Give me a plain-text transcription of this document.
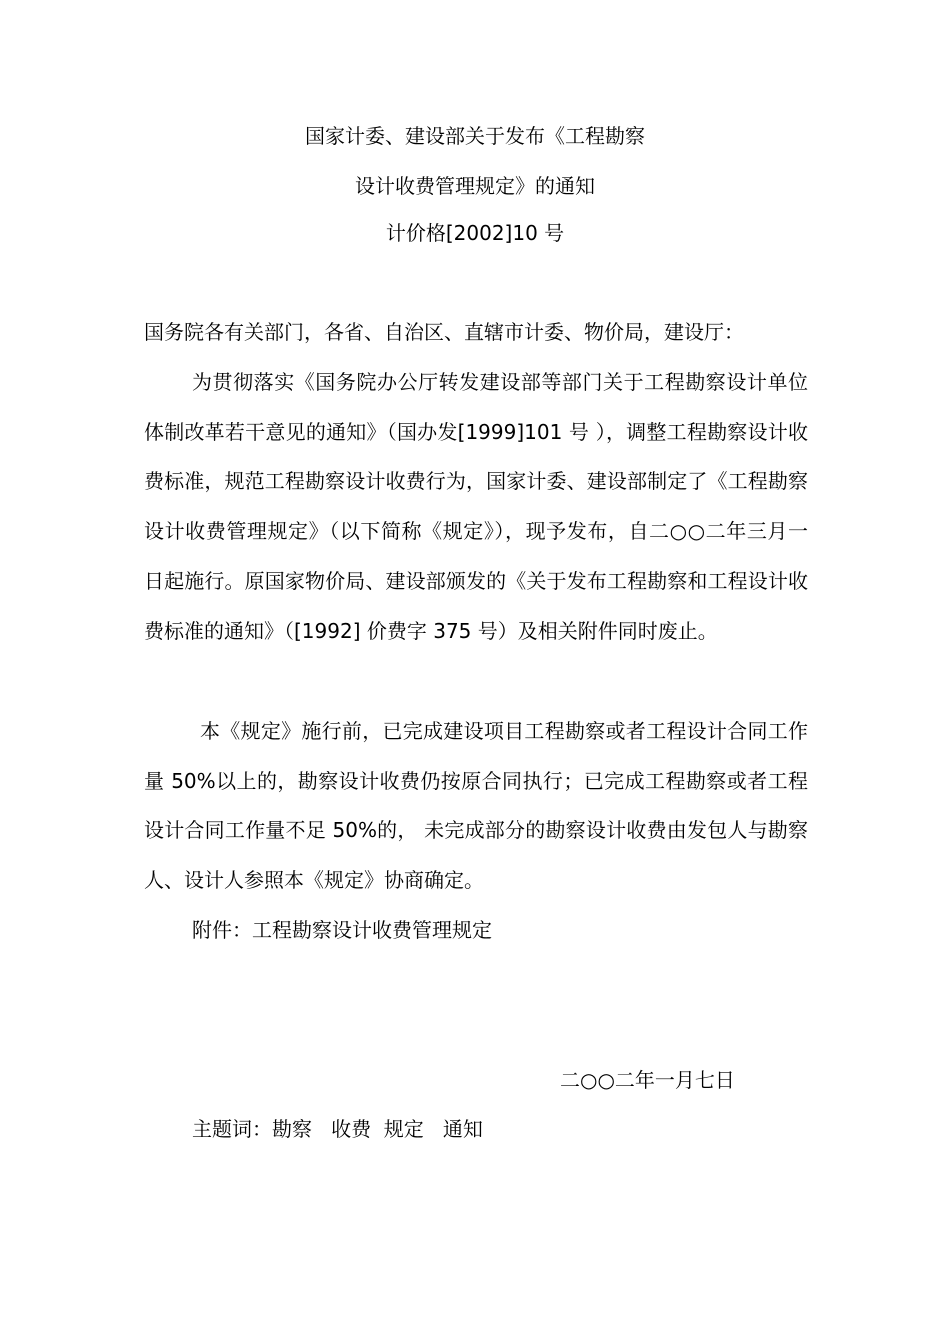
国家计委、建设部关于发布《工程勘察
设计收费管理规定》的通知
计价格[2002]10 号
国务院各有关部门，各省、自治区、直辖市计委、物价局，建设厅：
为贯彻落实《国务院办公厅转发建设部等部门关于工程勘察设计单位体制改革若干意见的通知》（国办发[1999]101 号 ），调整工程勘察设计收费标准，规范工程勘察设计收费行为，国家计委、建设部制定了《工程勘察设计收费管理规定》（以下简称《规定》），现予发布，自二○○二年三月一日起施行。原国家物价局、建设部颁发的《关于发布工程勘察和工程设计收费标准的通知》（[1992] 价费字 375 号）及相关附件同时废止。
本《规定》施行前，已完成建设项目工程勘察或者工程设计合同工作量 50%以上的，勘察设计收费仍按原合同执行；已完成工程勘察或者工程设计合同工作量不足 50%的， 未完成部分的勘察设计收费由发包人与勘察人、设计人参照本《规定》协商确定。
附件：工程勘察设计收费管理规定
二○○二年一月七日
主题词：勘察   收费  规定   通知
